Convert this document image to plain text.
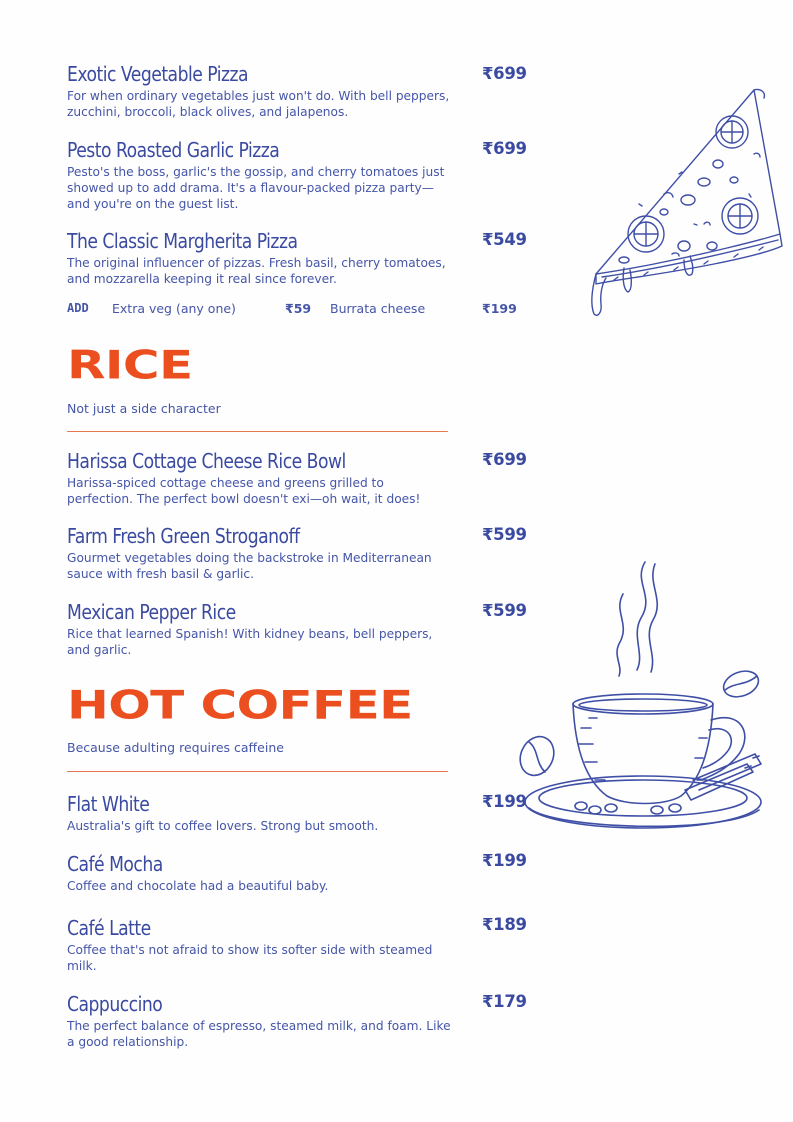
Exotic Vegetable Pizza

For when ordinary vegetables just won't do. With bell peppers, zucchini, broccoli, black olives, and jalapenos.

₹699
Pesto Roasted Garlic Pizza

Pesto's the boss, garlic's the gossip, and cherry tomatoes just showed up to add drama. It's a flavour-packed pizza party—and you're on the guest list.

₹699
The Classic Margherita Pizza

The original influencer of pizzas. Fresh basil, cherry tomatoes, and mozzarella keeping it real since forever.

₹549
ADD Extra veg (any one)	₹59 Burrata cheese	₹199
RICE
Not just a side character
Harissa Cottage Cheese Rice Bowl

Harissa-spiced cottage cheese and greens grilled to perfection. The perfect bowl doesn't exi—oh wait, it does!

₹699
Farm Fresh Green Stroganoff

Gourmet vegetables doing the backstroke in Mediterranean sauce with fresh basil & garlic.

₹599
Mexican Pepper Rice

Rice that learned Spanish! With kidney beans, bell peppers, and garlic.

₹599
HOT COFFEE
Because adulting requires caffeine
Flat White

Australia's gift to coffee lovers. Strong but smooth.

₹199
Café Mocha

Coffee and chocolate had a beautiful baby.

₹199
Café Latte

Coffee that's not afraid to show its softer side with steamed milk.

₹189
Cappuccino

The perfect balance of espresso, steamed milk, and foam. Like a good relationship.

₹179
